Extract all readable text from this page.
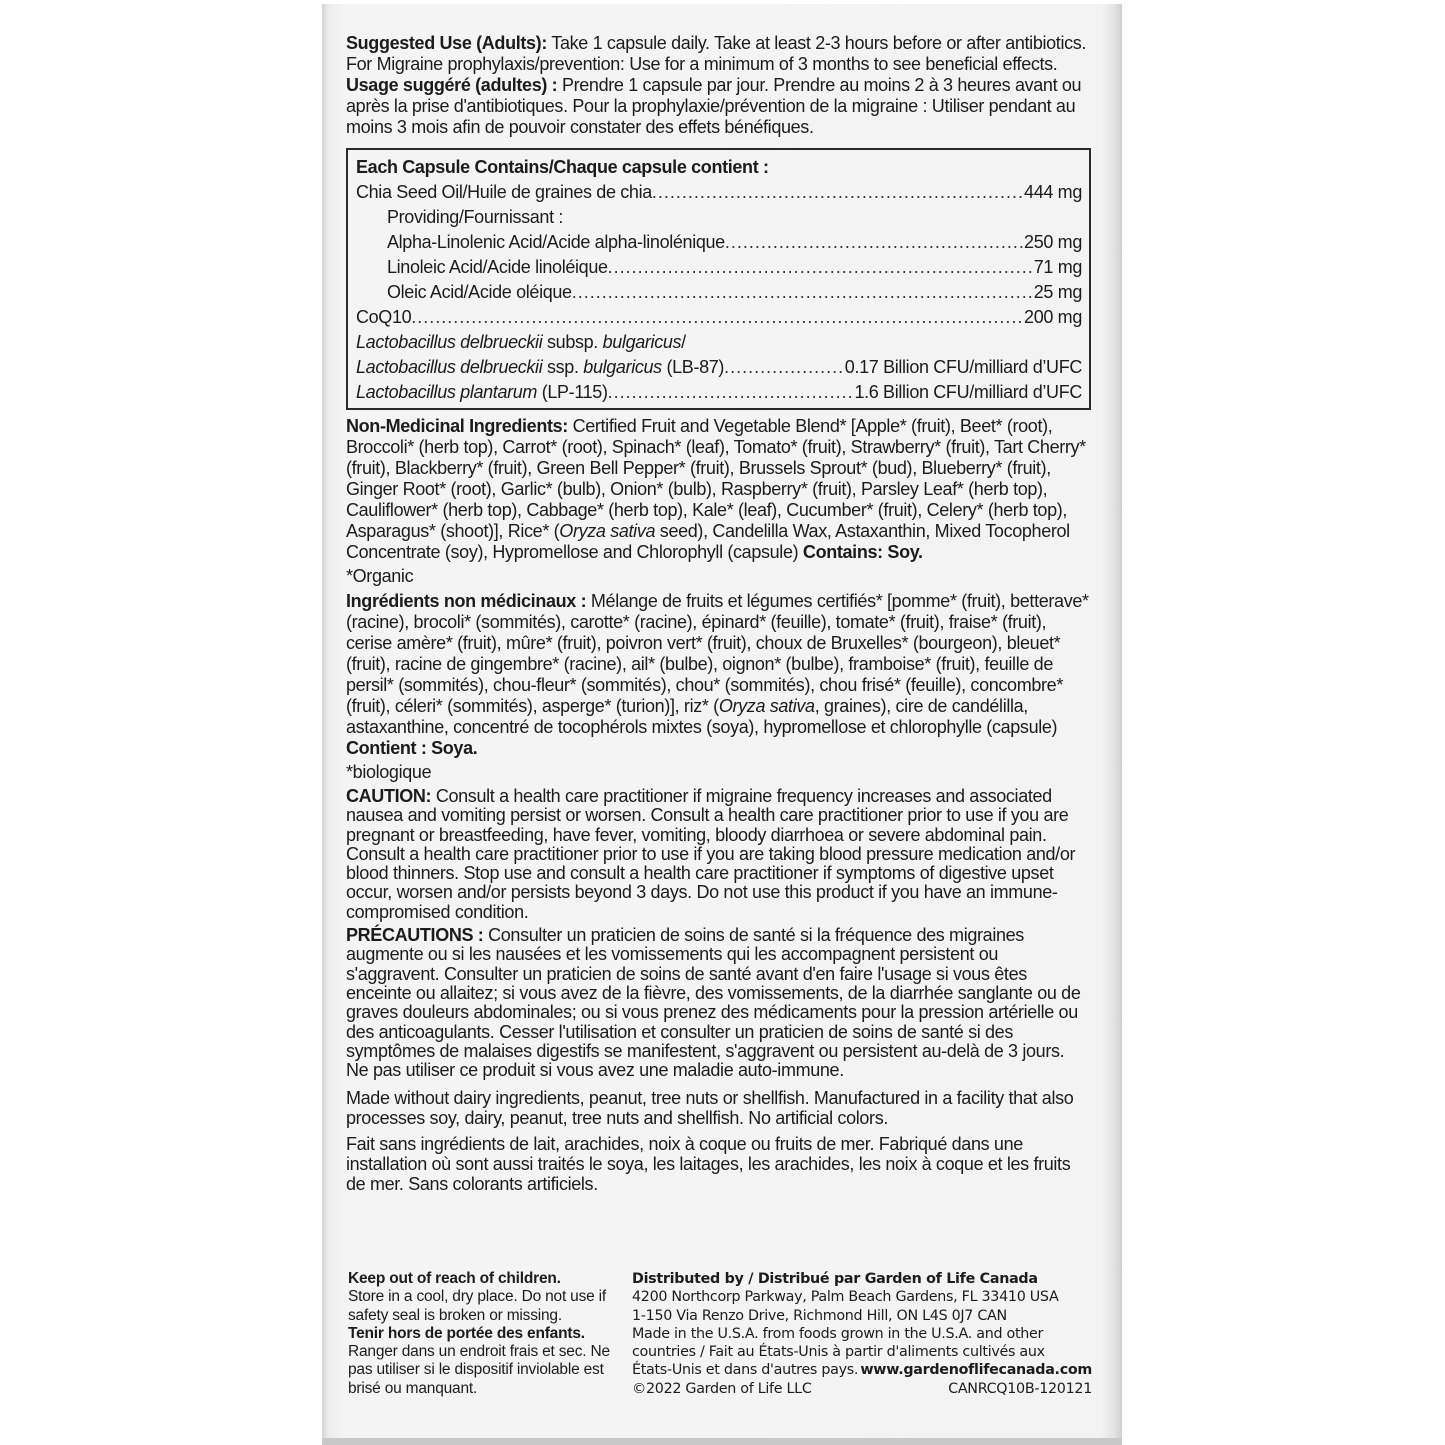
Suggested Use (Adults): Take 1 capsule daily. Take at least 2-3 hours before or after antibiotics. For Migraine prophylaxis/prevention: Use for a minimum of 3 months to see beneficial effects.
Usage suggéré (adultes) : Prendre 1 capsule par jour. Prendre au moins 2 à 3 heures avant ou après la prise d'antibiotiques. Pour la prophylaxie/prévention de la migraine : Utiliser pendant au moins 3 mois afin de pouvoir constater des effets bénéfiques.

Each Capsule Contains/Chaque capsule contient :
Chia Seed Oil/Huile de graines de chia .....	444 mg
Providing/Fournissant :
Alpha-Linolenic Acid/Acide alpha-linolénique .....	250 mg
Linoleic Acid/Acide linoléique .....	71 mg
Oleic Acid/Acide oléique .....	25 mg
CoQ10 .....	200 mg
Lactobacillus delbrueckii subsp. bulgaricus/
Lactobacillus delbrueckii ssp. bulgaricus (LB-87) .....	0.17 Billion CFU/milliard d’UFC
Lactobacillus plantarum (LP-115) .....	1.6 Billion CFU/milliard d’UFC

Non-Medicinal Ingredients: Certified Fruit and Vegetable Blend* [Apple* (fruit), Beet* (root), Broccoli* (herb top), Carrot* (root), Spinach* (leaf), Tomato* (fruit), Strawberry* (fruit), Tart Cherry* (fruit), Blackberry* (fruit), Green Bell Pepper* (fruit), Brussels Sprout* (bud), Blueberry* (fruit), Ginger Root* (root), Garlic* (bulb), Onion* (bulb), Raspberry* (fruit), Parsley Leaf* (herb top), Cauliflower* (herb top), Cabbage* (herb top), Kale* (leaf), Cucumber* (fruit), Celery* (herb top), Asparagus* (shoot)], Rice* (Oryza sativa seed), Candelilla Wax, Astaxanthin, Mixed Tocopherol Concentrate (soy), Hypromellose and Chlorophyll (capsule) Contains: Soy.

*Organic

Ingrédients non médicinaux : Mélange de fruits et légumes certifiés* [pomme* (fruit), betterave* (racine), brocoli* (sommités), carotte* (racine), épinard* (feuille), tomate* (fruit), fraise* (fruit), cerise amère* (fruit), mûre* (fruit), poivron vert* (fruit), choux de Bruxelles* (bourgeon), bleuet* (fruit), racine de gingembre* (racine), ail* (bulbe), oignon* (bulbe), framboise* (fruit), feuille de persil* (sommités), chou-fleur* (sommités), chou* (sommités), chou frisé* (feuille), concombre* (fruit), céleri* (sommités), asperge* (turion)], riz* (Oryza sativa, graines), cire de candélilla, astaxanthine, concentré de tocophérols mixtes (soya), hypromellose et chlorophylle (capsule) Contient : Soya.

*biologique

CAUTION: Consult a health care practitioner if migraine frequency increases and associated nausea and vomiting persist or worsen. Consult a health care practitioner prior to use if you are pregnant or breastfeeding, have fever, vomiting, bloody diarrhoea or severe abdominal pain. Consult a health care practitioner prior to use if you are taking blood pressure medication and/or blood thinners. Stop use and consult a health care practitioner if symptoms of digestive upset occur, worsen and/or persists beyond 3 days. Do not use this product if you have an immune-compromised condition.

PRÉCAUTIONS : Consulter un praticien de soins de santé si la fréquence des migraines augmente ou si les nausées et les vomissements qui les accompagnent persistent ou s'aggravent. Consulter un praticien de soins de santé avant d'en faire l'usage si vous êtes enceinte ou allaitez; si vous avez de la fièvre, des vomissements, de la diarrhée sanglante ou de graves douleurs abdominales; ou si vous prenez des médicaments pour la pression artérielle ou des anticoagulants. Cesser l'utilisation et consulter un praticien de soins de santé si des symptômes de malaises digestifs se manifestent, s'aggravent ou persistent au-delà de 3 jours. Ne pas utiliser ce produit si vous avez une maladie auto-immune.

Made without dairy ingredients, peanut, tree nuts or shellfish. Manufactured in a facility that also processes soy, dairy, peanut, tree nuts and shellfish. No artificial colors.

Fait sans ingrédients de lait, arachides, noix à coque ou fruits de mer. Fabriqué dans une installation où sont aussi traités le soya, les laitages, les arachides, les noix à coque et les fruits de mer. Sans colorants artificiels.

Keep out of reach of children.
Store in a cool, dry place. Do not use if safety seal is broken or missing.
Tenir hors de portée des enfants.
Ranger dans un endroit frais et sec. Ne pas utiliser si le dispositif inviolable est brisé ou manquant.
Distributed by / Distribué par Garden of Life Canada
4200 Northcorp Parkway, Palm Beach Gardens, FL 33410 USA
1-150 Via Renzo Drive, Richmond Hill, ON L4S 0J7 CAN
Made in the U.S.A. from foods grown in the U.S.A. and other
countries / Fait au États-Unis à partir d'aliments cultivés aux
États-Unis et dans d'autres pays. www.gardenoflifecanada.com
©2022 Garden of Life LLC	CANRCQ10B-120121
